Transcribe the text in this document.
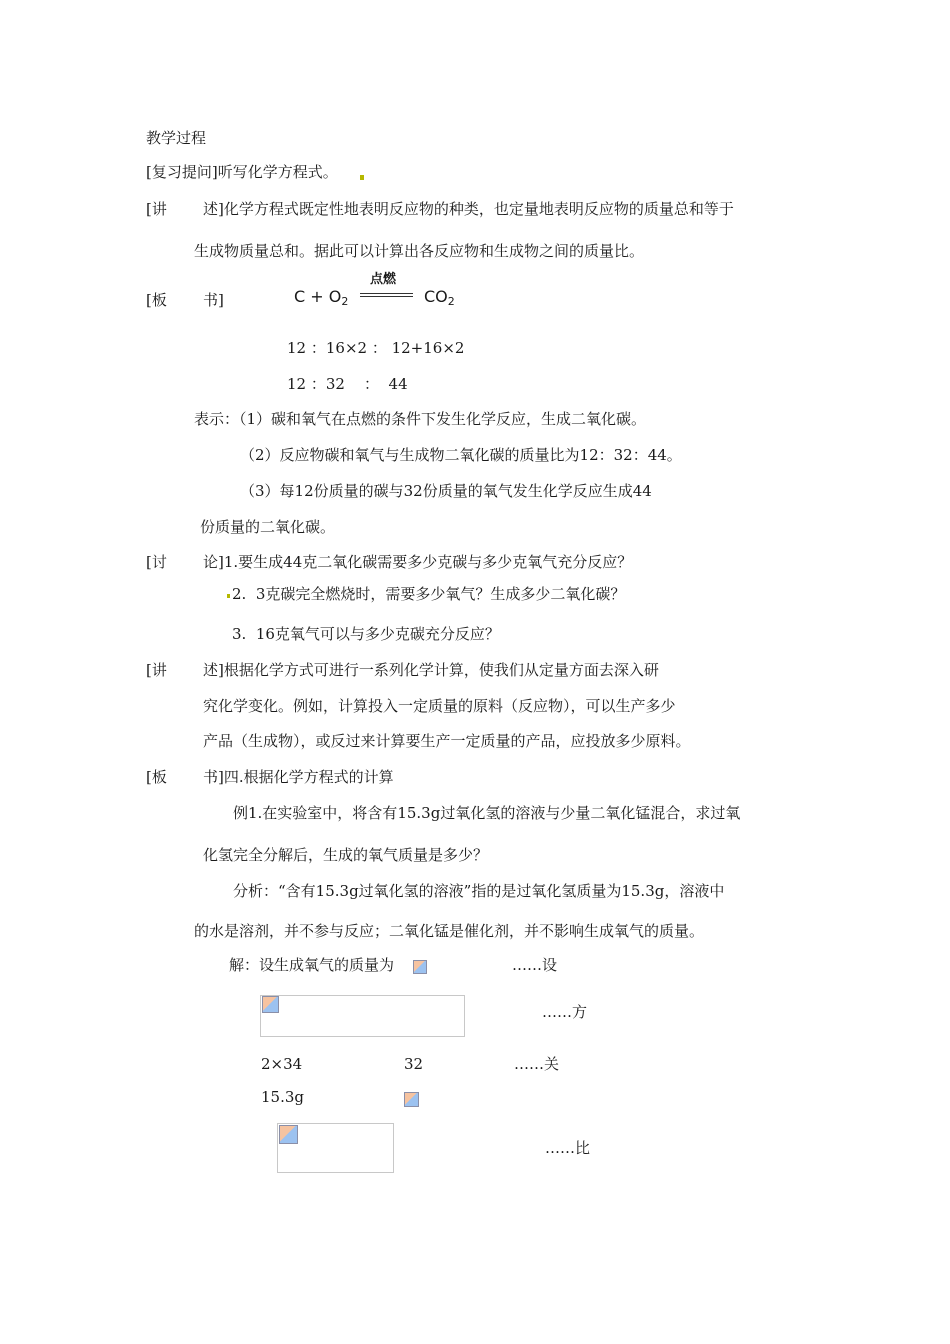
教学过程
[复习提问]听写化学方程式。
[讲 述]化学方程式既定性地表明反应物的种类，也定量地表明反应物的质量总和等于
生成物质量总和。据此可以计算出各反应物和生成物之间的质量比。
[板 书]	$C + O_2$
点燃
$CO_2$
12 ：16×2 ： 12+16×2
12 ：32    ：  44
表示：（1）碳和氧气在点燃的条件下发生化学反应，生成二氧化碳。
（2）反应物碳和氧气与生成物二氧化碳的质量比为12：32：44。
（3）每12份质量的碳与32份质量的氧气发生化学反应生成44
份质量的二氧化碳。
[讨 论]1.要生成44克二氧化碳需要多少克碳与多少克氧气充分反应？
2.  3克碳完全燃烧时，需要多少氧气？生成多少二氧化碳？
3.  16克氧气可以与多少克碳充分反应？
[讲 述]根据化学方式可进行一系列化学计算，使我们从定量方面去深入研
究化学变化。例如，计算投入一定质量的原料（反应物），可以生产多少
产品（生成物），或反过来计算要生产一定质量的产品，应投放多少原料。
[板 书]四.根据化学方程式的计算
例1.在实验室中，将含有15.3g过氧化氢的溶液与少量二氧化锰混合，求过氧
化氢完全分解后，生成的氧气质量是多少？
分析：“含有15.3g过氧化氢的溶液”指的是过氧化氢质量为15.3g，溶液中
的水是溶剂，并不参与反应；二氧化锰是催化剂，并不影响生成氧气的质量。
解：设生成氧气的质量为	……设
……方
2×34	32	……关
15.3g
……比
